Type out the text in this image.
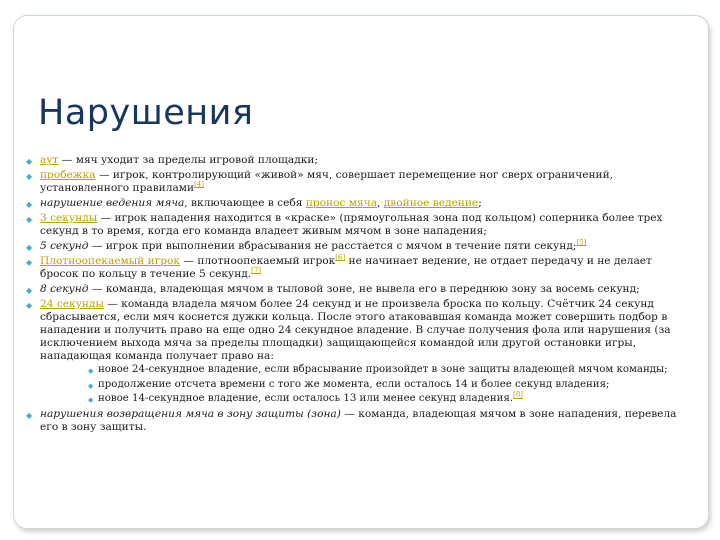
Нарушения
◆ аут — мяч уходит за пределы игровой площадки;
◆ пробежка — игрок, контролирующий «живой» мяч, совершает перемещение ног сверх ограничений, установленного правилами[4]
◆ нарушение ведения мяча, включающее в себя пронос мяча, двойное ведение;
◆ 3 секунды — игрок нападения находится в «краске» (прямоугольная зона под кольцом) соперника более трех секунд в то время, когда его команда владеет живым мячом в зоне нападения;
◆ 5 секунд — игрок при выполнении вбрасывания не расстается с мячом в течение пяти секунд;[5]
◆ Плотноопекаемый игрок — плотноопекаемый игрок[6] не начинает ведение, не отдает передачу и не делает бросок по кольцу в течение 5 секунд.[7]
◆ 8 секунд — команда, владеющая мячом в тыловой зоне, не вывела его в переднюю зону за восемь секунд;
◆ 24 секунды — команда владела мячом более 24 секунд и не произвела броска по кольцу. Счётчик 24 секунд сбрасывается, если мяч коснется дужки кольца. После этого атаковавшая команда может совершить подбор в нападении и получить право на еще одно 24 секундное владение. В случае получения фола или нарушения (за исключением выхода мяча за пределы площадки) защищающейся командой или другой остановки игры, нападающая команда получает право на:
◆ новое 24-секундное владение, если вбрасывание произойдет в зоне защиты владеющей мячом команды;
◆ продолжение отсчета времени с того же момента, если осталось 14 и более секунд владения;
◆ новое 14-секундное владение, если осталось 13 или менее секунд владения.[8]
◆ нарушения возвращения мяча в зону защиты (зона) — команда, владеющая мячом в зоне нападения, перевела его в зону защиты.
